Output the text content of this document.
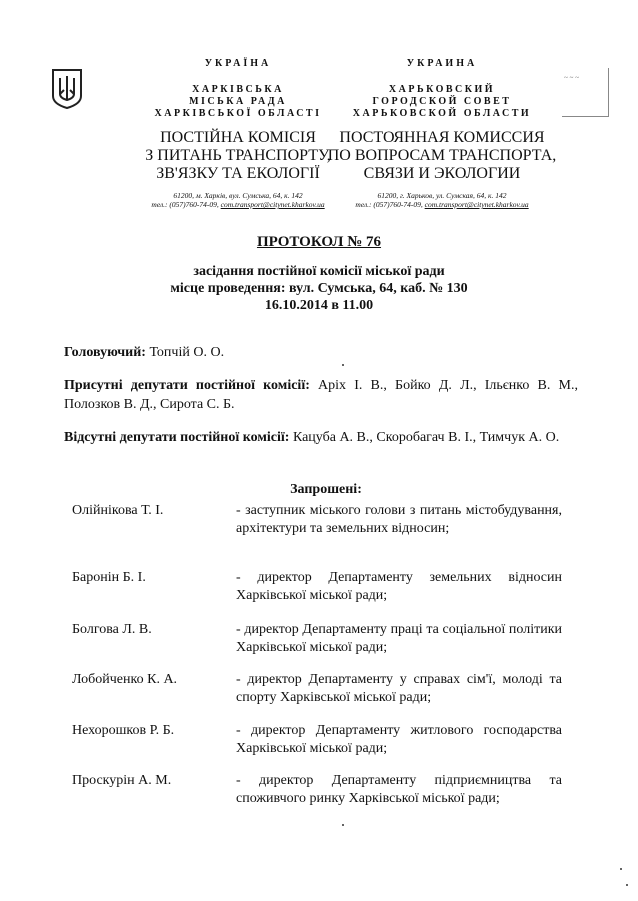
УКРАЇНА
ХАРКІВСЬКА
МІСЬКА РАДА
ХАРКІВСЬКОЇ ОБЛАСТІ
ПОСТІЙНА КОМІСІЯ
З ПИТАНЬ ТРАНСПОРТУ,
ЗВ'ЯЗКУ ТА ЕКОЛОГІЇ
61200, м. Харків, вул. Сумська, 64, к. 142
тел.: (057)760-74-09, com.transport@citynet.kharkov.ua
УКРАИНА
ХАРЬКОВСКИЙ
ГОРОДСКОЙ СОВЕТ
ХАРЬКОВСКОЙ ОБЛАСТИ
ПОСТОЯННАЯ КОМИССИЯ
ПО ВОПРОСАМ ТРАНСПОРТА,
СВЯЗИ И ЭКОЛОГИИ
61200, г. Харьков, ул. Сумская, 64, к. 142
тел.: (057)760-74-09, com.transport@citynet.kharkov.ua
~ ~ ~
ПРОТОКОЛ № 76
засідання постійної комісії міської ради
місце проведення: вул. Сумська, 64, каб. № 130
16.10.2014 в 11.00
Головуючий: Топчій О. О.
Присутні депутати постійної комісії: Аріх І. В., Бойко Д. Л., Ільєнко В. М., Полозков В. Д., Сирота С. Б.
Відсутні депутати постійної комісії: Кацуба А. В., Скоробагач В. І., Тимчук А. О.
Запрошені:
Олійнікова Т. І.	- заступник міського голови з питань містобудування, архітектури та земельних відносин;
Баронін Б. І.	- директор Департаменту земельних відносин Харківської міської ради;
Болгова Л. В.	- директор Департаменту праці та соціальної політики Харківської міської ради;
Лобойченко К. А.	- директор Департаменту у справах сім'ї, молоді та спорту Харківської міської ради;
Нехорошков Р. Б.	- директор Департаменту житлового господарства Харківської міської ради;
Проскурін А. М.	- директор Департаменту підприємництва та споживчого ринку Харківської міської ради;
